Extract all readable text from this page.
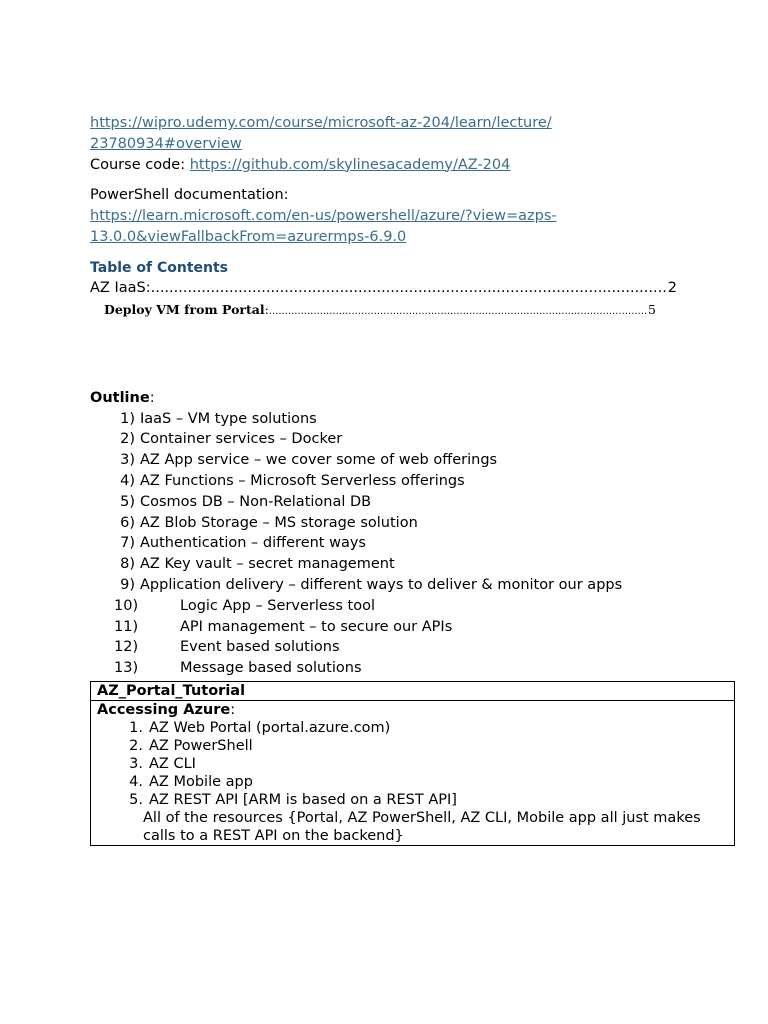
https://wipro.udemy.com/course/microsoft-az-204/learn/lecture/
23780934#overview

Course code: https://github.com/skylinesacademy/AZ-204

PowerShell documentation:

https://learn.microsoft.com/en-us/powershell/azure/?view=azps-
13.0.0&viewFallbackFrom=azurermps-6.9.0

Table of Contents
AZ IaaS: .....	2
Deploy VM from Portal : .....	5

Outline:

1) IaaS – VM type solutions
2) Container services – Docker
3) AZ App service – we cover some of web offerings
4) AZ Functions – Microsoft Serverless offerings
5) Cosmos DB – Non-Relational DB
6) AZ Blob Storage – MS storage solution
7) Authentication – different ways
8) AZ Key vault – secret management
9) Application delivery – different ways to deliver & monitor our apps
10)	Logic App – Serverless tool
11)	API management – to secure our APIs
12)	Event based solutions
13)	Message based solutions
AZ_Portal_Tutorial

Accessing Azure:

1. AZ Web Portal (portal.azure.com)
2. AZ PowerShell
3. AZ CLI
4. AZ Mobile app
5. AZ REST API [ARM is based on a REST API]

All of the resources {Portal, AZ PowerShell, AZ CLI, Mobile app all just makes calls to a REST API on the backend}
